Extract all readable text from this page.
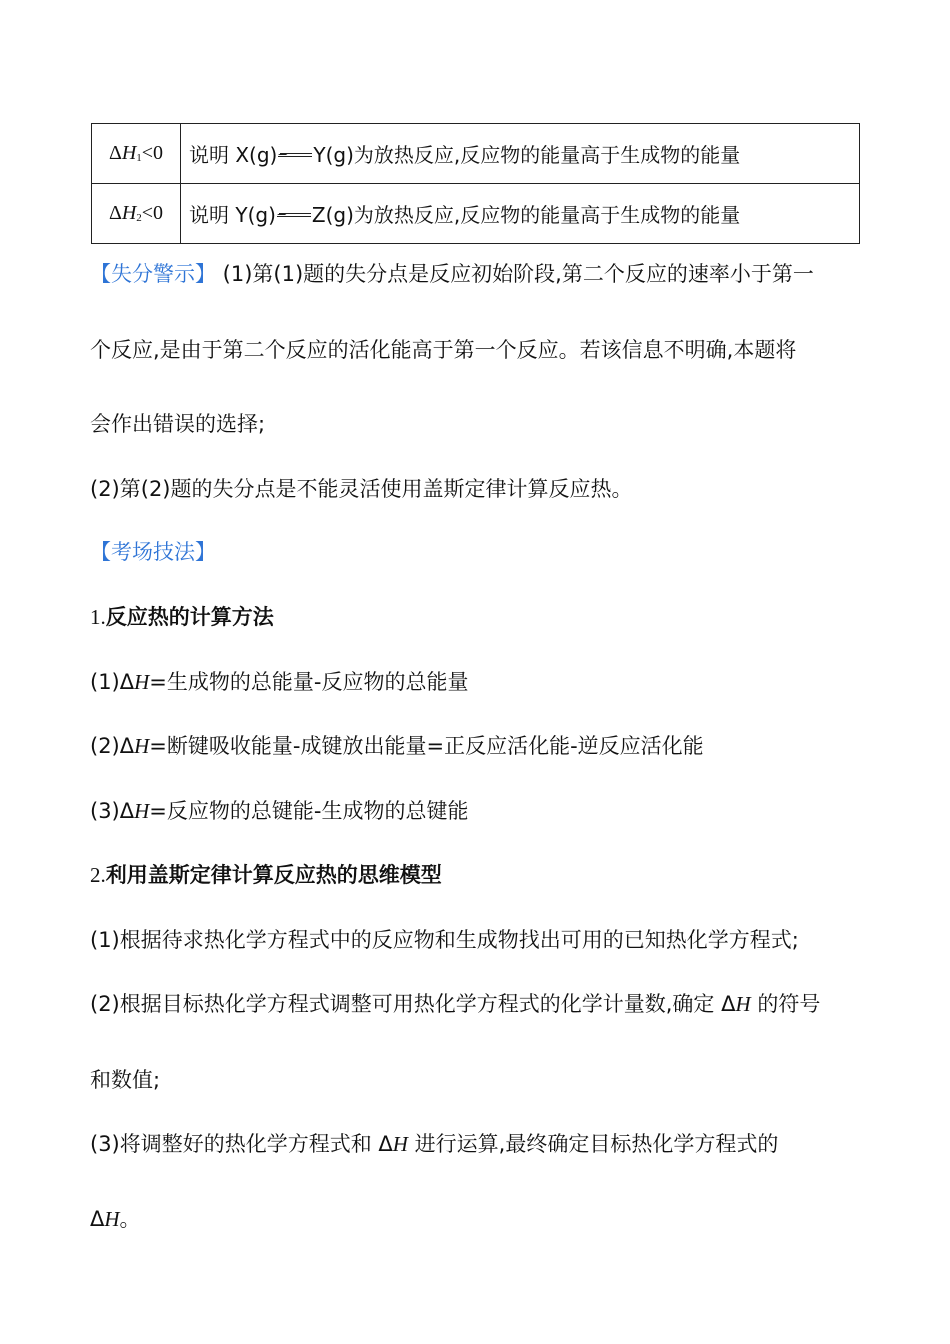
$\Delta H_1<0$	说明 X(g) Y(g)为放热反应,反应物的能量高于生成物的能量
$\Delta H_2<0$	说明 Y(g) Z(g)为放热反应,反应物的能量高于生成物的能量
【失分警示】 (1)第(1)题的失分点是反应初始阶段,第二个反应的速率小于第一
个反应,是由于第二个反应的活化能高于第一个反应。若该信息不明确,本题将
会作出错误的选择;
(2)第(2)题的失分点是不能灵活使用盖斯定律计算反应热。
【考场技法】
1.反应热的计算方法
(1)ΔH=生成物的总能量-反应物的总能量
(2)ΔH=断键吸收能量-成键放出能量=正反应活化能-逆反应活化能
(3)ΔH=反应物的总键能-生成物的总键能
2.利用盖斯定律计算反应热的思维模型
(1)根据待求热化学方程式中的反应物和生成物找出可用的已知热化学方程式;
(2)根据目标热化学方程式调整可用热化学方程式的化学计量数,确定 ΔH 的符号
和数值;
(3)将调整好的热化学方程式和 ΔH 进行运算,最终确定目标热化学方程式的
ΔH。
